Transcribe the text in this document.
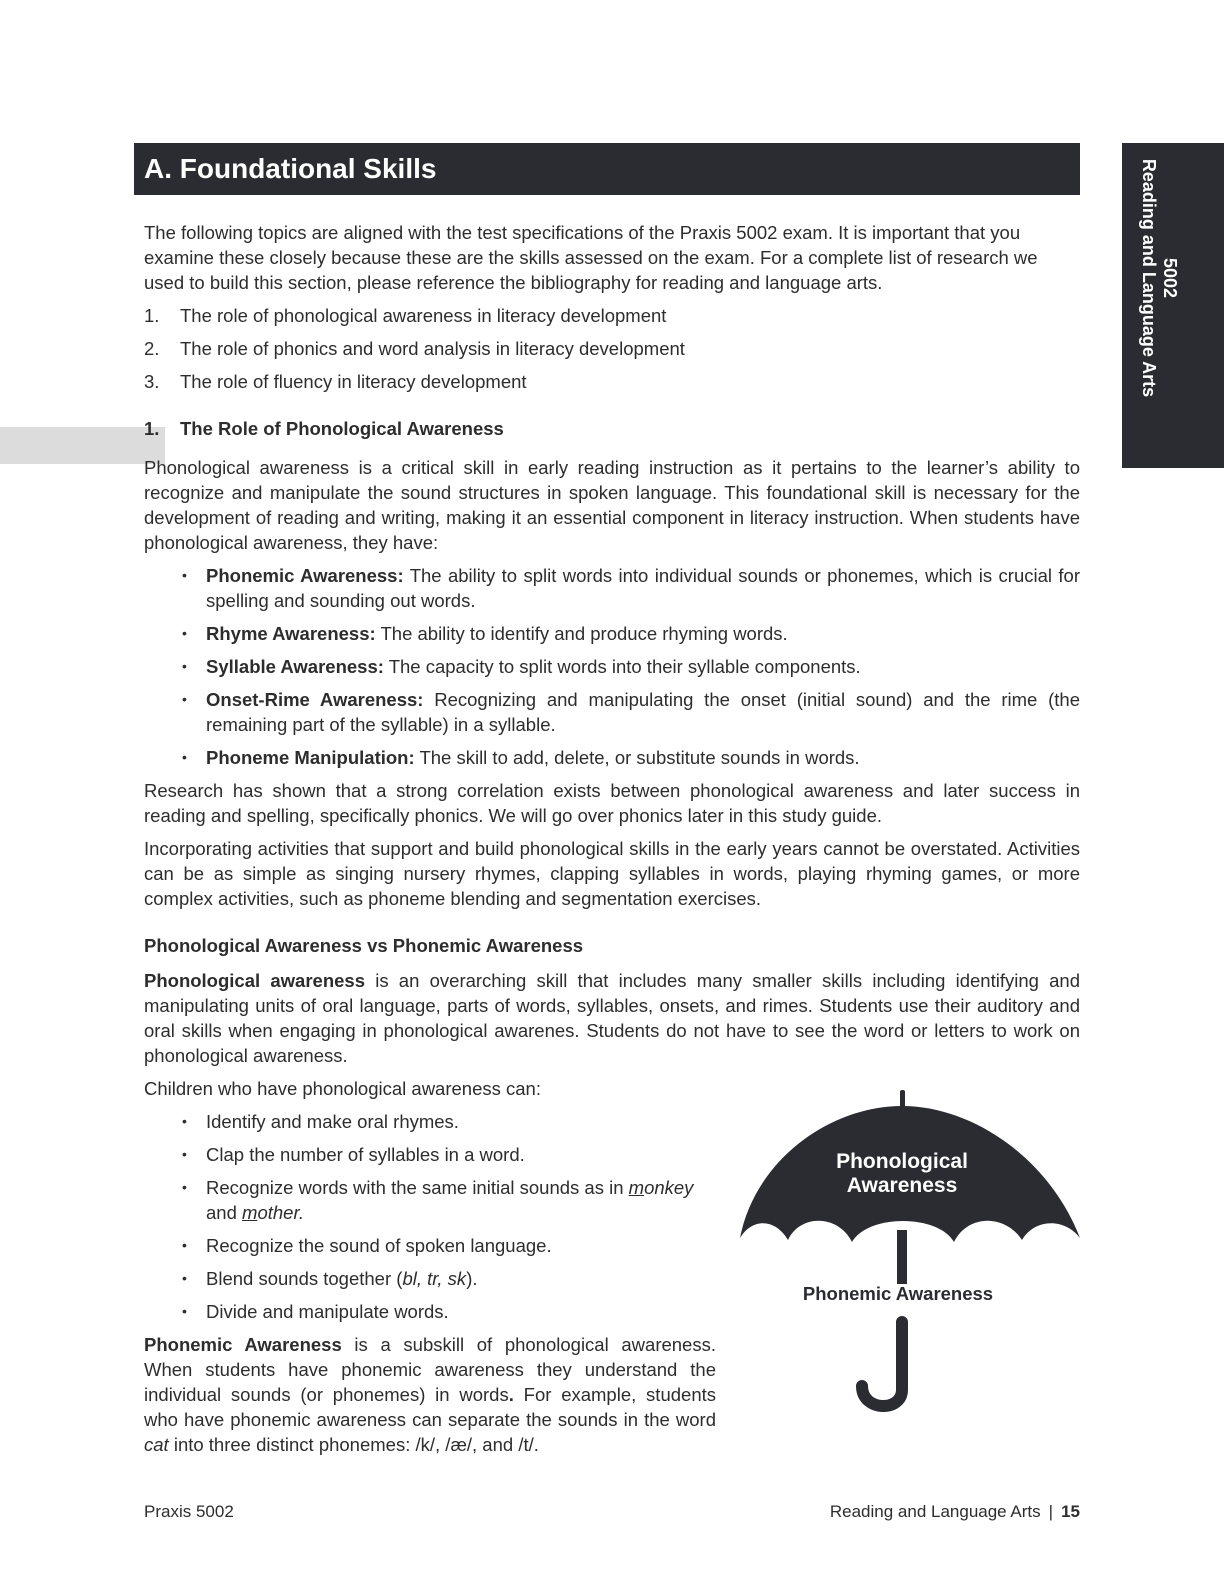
A. Foundational Skills
5002
Reading and Language Arts

The following topics are aligned with the test specifications of the Praxis 5002 exam. It is important that you examine these closely because these are the skills assessed on the exam. For a complete list of research we used to build this section, please reference the bibliography for reading and language arts.

1.	The role of phonological awareness in literacy development
2.	The role of phonics and word analysis in literacy development
3.	The role of fluency in literacy development
1.	The Role of Phonological Awareness

Phonological awareness is a critical skill in early reading instruction as it pertains to the learner’s ability to recognize and manipulate the sound structures in spoken language. This foundational skill is necessary for the development of reading and writing, making it an essential component in literacy instruction. When students have phonological awareness, they have:

• Phonemic Awareness: The ability to split words into individual sounds or phonemes, which is crucial for spelling and sounding out words.
• Rhyme Awareness: The ability to identify and produce rhyming words.
• Syllable Awareness: The capacity to split words into their syllable components.
• Onset-Rime Awareness: Recognizing and manipulating the onset (initial sound) and the rime (the remaining part of the syllable) in a syllable.
• Phoneme Manipulation: The skill to add, delete, or substitute sounds in words.

Research has shown that a strong correlation exists between phonological awareness and later success in reading and spelling, specifically phonics. We will go over phonics later in this study guide.

Incorporating activities that support and build phonological skills in the early years cannot be overstated. Activities can be as simple as singing nursery rhymes, clapping syllables in words, playing rhyming games, or more complex activities, such as phoneme blending and segmentation exercises.

Phonological Awareness vs Phonemic Awareness

Phonological awareness is an overarching skill that includes many smaller skills including identifying and manipulating units of oral language, parts of words, syllables, onsets, and rimes. Students use their auditory and oral skills when engaging in phonological awarenes. Students do not have to see the word or letters to work on phonological awareness.

Children who have phonological awareness can:

• Identify and make oral rhymes.
• Clap the number of syllables in a word.
• Recognize words with the same initial sounds as in monkey and mother.
• Recognize the sound of spoken language.
• Blend sounds together (bl, tr, sk).
• Divide and manipulate words.

Phonemic Awareness is a subskill of phonological awareness. When students have phonemic awareness they understand the individual sounds (or phonemes) in words. For example, students who have phonemic awareness can separate the sounds in the word cat into three distinct phonemes: /k/, /æ/, and /t/.

Phonological
Awareness
Phonemic Awareness
Praxis 5002	Reading and Language Arts | 15
